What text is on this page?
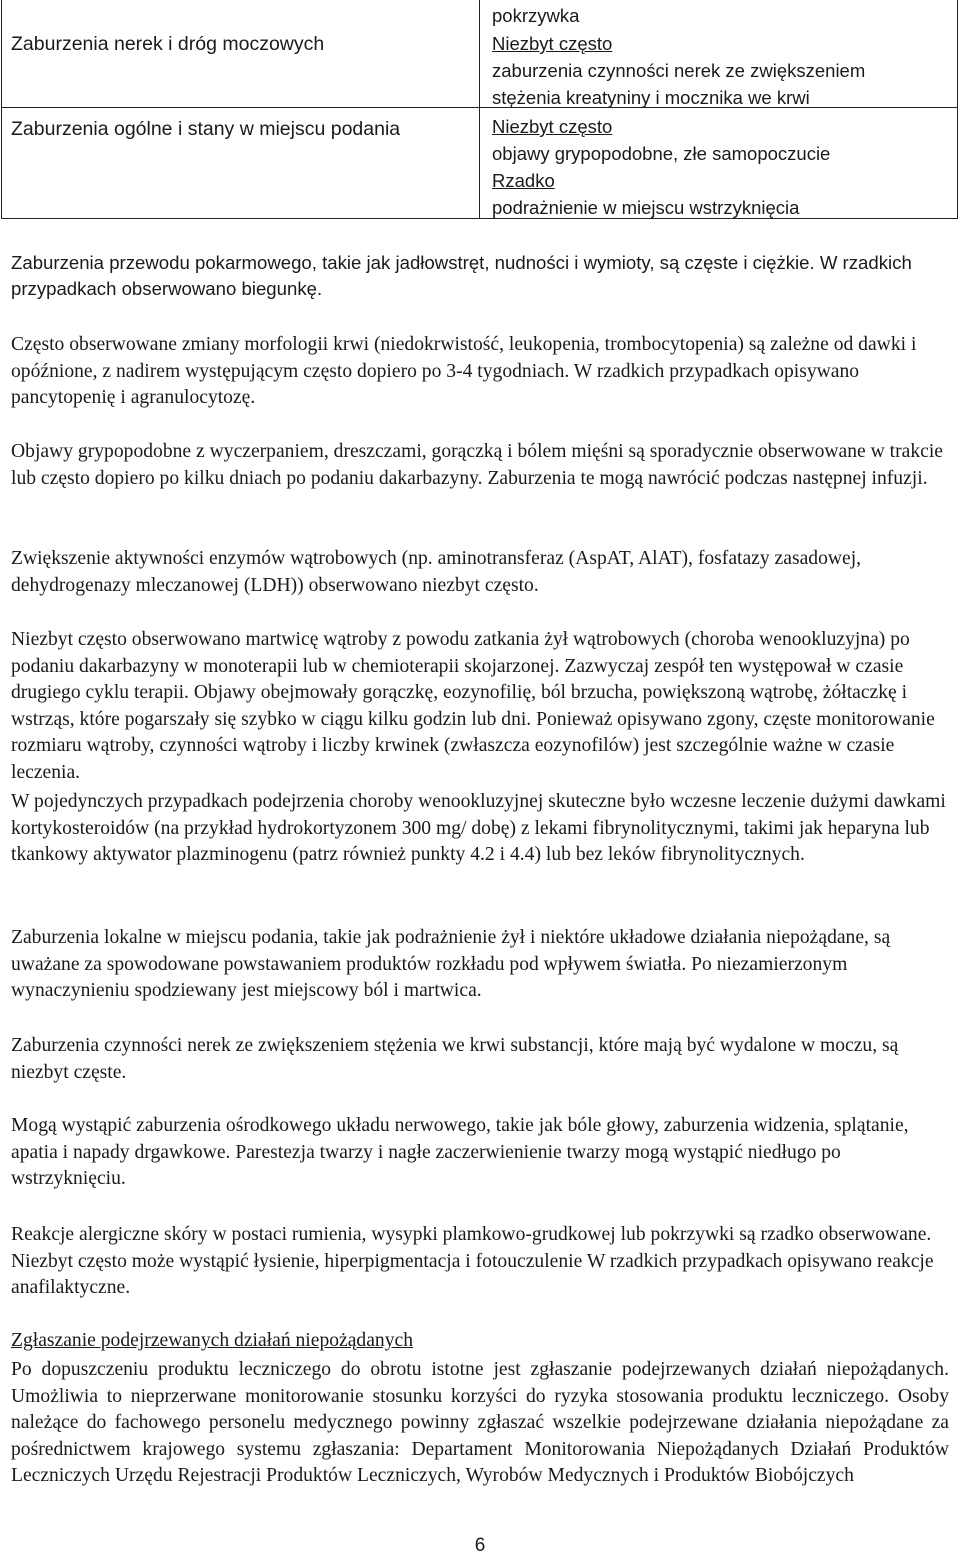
Zaburzenia nerek i dróg moczowych
pokrzywka
Niezbyt często
zaburzenia czynności nerek ze zwiększeniem
stężenia kreatyniny i mocznika we krwi
Zaburzenia ogólne i stany w miejscu podania	Niezbyt często
objawy grypopodobne, złe samopoczucie
Rzadko
podrażnienie w miejscu wstrzyknięcia

Zaburzenia przewodu pokarmowego, takie jak jadłowstręt, nudności i wymioty, są częste i ciężkie. W rzadkich przypadkach obserwowano biegunkę.

Często obserwowane zmiany morfologii krwi (niedokrwistość, leukopenia, trombocytopenia) są zależne od dawki i opóźnione, z nadirem występującym często dopiero po 3-4 tygodniach. W rzadkich przypadkach opisywano pancytopenię i agranulocytozę.

Objawy grypopodobne z wyczerpaniem, dreszczami, gorączką i bólem mięśni są sporadycznie obserwowane w trakcie lub często dopiero po kilku dniach po podaniu dakarbazyny. Zaburzenia te mogą nawrócić podczas następnej infuzji.

Zwiększenie aktywności enzymów wątrobowych (np. aminotransferaz (AspAT, AlAT), fosfatazy zasadowej, dehydrogenazy mleczanowej (LDH)) obserwowano niezbyt często.

Niezbyt często obserwowano martwicę wątroby z powodu zatkania żył wątrobowych (choroba wenookluzyjna) po podaniu dakarbazyny w monoterapii lub w chemioterapii skojarzonej. Zazwyczaj zespół ten występował w czasie drugiego cyklu terapii. Objawy obejmowały gorączkę, eozynofilię, ból brzucha, powiększoną wątrobę, żółtaczkę i wstrząs, które pogarszały się szybko w ciągu kilku godzin lub dni. Ponieważ opisywano zgony, częste monitorowanie rozmiaru wątroby, czynności wątroby i liczby krwinek (zwłaszcza eozynofilów) jest szczególnie ważne w czasie leczenia.

W pojedynczych przypadkach podejrzenia choroby wenookluzyjnej skuteczne było wczesne leczenie dużymi dawkami kortykosteroidów (na przykład hydrokortyzonem 300 mg/ dobę) z lekami fibrynolitycznymi, takimi jak heparyna lub tkankowy aktywator plazminogenu (patrz również punkty 4.2 i 4.4) lub bez leków fibrynolitycznych.

Zaburzenia lokalne w miejscu podania, takie jak podrażnienie żył i niektóre układowe działania niepożądane, są uważane za spowodowane powstawaniem produktów rozkładu pod wpływem światła. Po niezamierzonym wynaczynieniu spodziewany jest miejscowy ból i martwica.

Zaburzenia czynności nerek ze zwiększeniem stężenia we krwi substancji, które mają być wydalone w moczu, są niezbyt częste.

Mogą wystąpić zaburzenia ośrodkowego układu nerwowego, takie jak bóle głowy, zaburzenia widzenia, splątanie, apatia i napady drgawkowe. Parestezja twarzy i nagłe zaczerwienienie twarzy mogą wystąpić niedługo po wstrzyknięciu.

Reakcje alergiczne skóry w postaci rumienia, wysypki plamkowo-grudkowej lub pokrzywki są rzadko obserwowane. Niezbyt często może wystąpić łysienie, hiperpigmentacja i fotouczulenie W rzadkich przypadkach opisywano reakcje anafilaktyczne.

Zgłaszanie podejrzewanych działań niepożądanych

Po dopuszczeniu produktu leczniczego do obrotu istotne jest zgłaszanie podejrzewanych działań niepożądanych. Umożliwia to nieprzerwane monitorowanie stosunku korzyści do ryzyka stosowania produktu leczniczego. Osoby należące do fachowego personelu medycznego powinny zgłaszać wszelkie podejrzewane działania niepożądane za pośrednictwem krajowego systemu zgłaszania: Departament Monitorowania Niepożądanych Działań Produktów Leczniczych Urzędu Rejestracji Produktów Leczniczych, Wyrobów Medycznych i Produktów Biobójczych

6
